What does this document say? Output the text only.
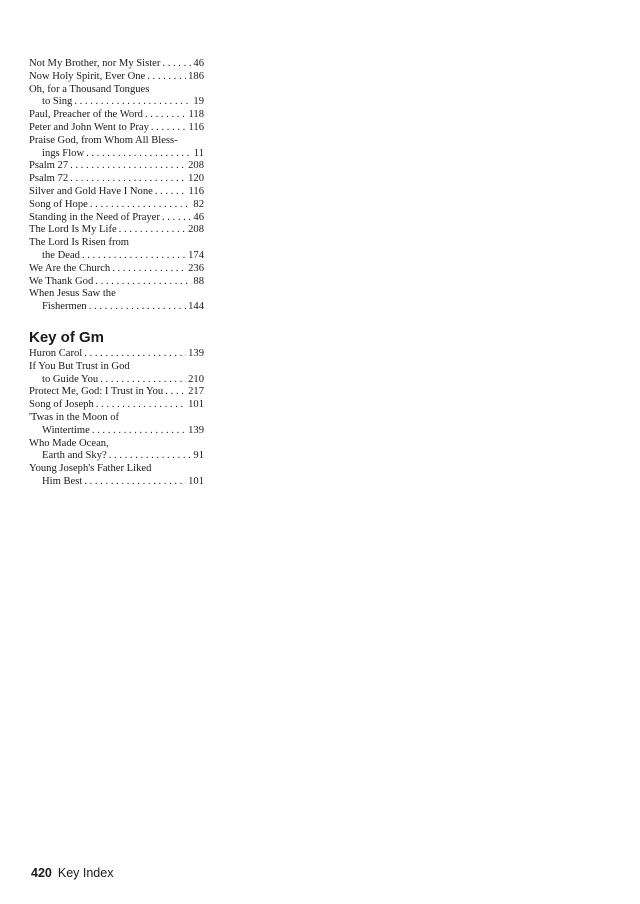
Not My Brother, nor My Sister . . .	46
Now Holy Spirit, Ever One . . .	186
Oh, for a Thousand Tongues
to Sing . . .	19
Paul, Preacher of the Word . . .	118
Peter and John Went to Pray . . .	116
Praise God, from Whom All Bless-
ings Flow . . .	11
Psalm 27 . . .	208
Psalm 72 . . .	120
Silver and Gold Have I None . . .	116
Song of Hope . . .	82
Standing in the Need of Prayer . . .	46
The Lord Is My Life . . .	208
The Lord Is Risen from
the Dead . . .	174
We Are the Church . . .	236
We Thank God . . .	88
When Jesus Saw the
Fishermen . . .	144
Key of Gm
Huron Carol . . .	139
If You But Trust in God
to Guide You . . .	210
Protect Me, God: I Trust in You . . . 217
Song of Joseph . . .	101
'Twas in the Moon of
Wintertime . . .	139
Who Made Ocean,
Earth and Sky? . . .	91
Young Joseph's Father Liked
Him Best . . .	101
420 Key Index
